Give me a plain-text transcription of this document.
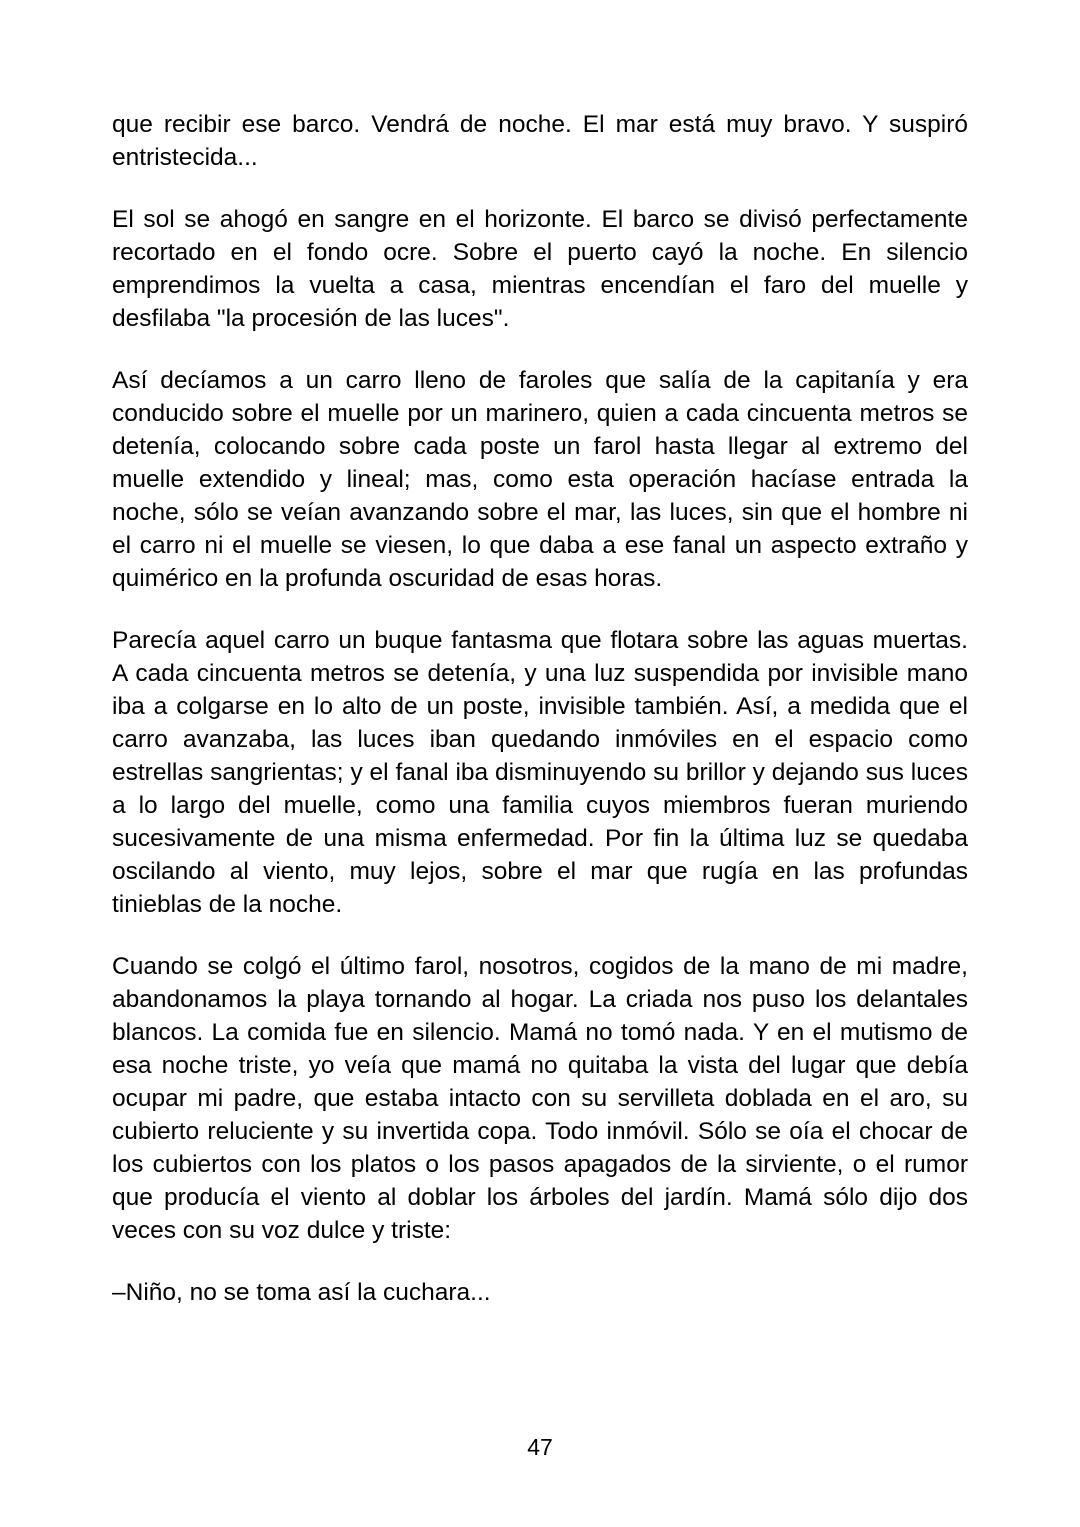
que recibir ese barco. Vendrá de noche. El mar está muy bravo. Y suspiró entristecida...

El sol se ahogó en sangre en el horizonte. El barco se divisó perfectamente recortado en el fondo ocre. Sobre el puerto cayó la noche. En silencio emprendimos la vuelta a casa, mientras encendían el faro del muelle y desfilaba "la procesión de las luces".

Así decíamos a un carro lleno de faroles que salía de la capitanía y era conducido sobre el muelle por un marinero, quien a cada cincuenta metros se detenía, colocando sobre cada poste un farol hasta llegar al extremo del muelle extendido y lineal; mas, como esta operación hacíase entrada la noche, sólo se veían avanzando sobre el mar, las luces, sin que el hombre ni el carro ni el muelle se viesen, lo que daba a ese fanal un aspecto extraño y quimérico en la profunda oscuridad de esas horas.

Parecía aquel carro un buque fantasma que flotara sobre las aguas muertas. A cada cincuenta metros se detenía, y una luz suspendida por invisible mano iba a colgarse en lo alto de un poste, invisible también. Así, a medida que el carro avanzaba, las luces iban quedando inmóviles en el espacio como estrellas sangrientas; y el fanal iba disminuyendo su brillor y dejando sus luces a lo largo del muelle, como una familia cuyos miembros fueran muriendo sucesivamente de una misma enfermedad. Por fin la última luz se quedaba oscilando al viento, muy lejos, sobre el mar que rugía en las profundas tinieblas de la noche.

Cuando se colgó el último farol, nosotros, cogidos de la mano de mi madre, abandonamos la playa tornando al hogar. La criada nos puso los delantales blancos. La comida fue en silencio. Mamá no tomó nada. Y en el mutismo de esa noche triste, yo veía que mamá no quitaba la vista del lugar que debía ocupar mi padre, que estaba intacto con su servilleta doblada en el aro, su cubierto reluciente y su invertida copa. Todo inmóvil. Sólo se oía el chocar de los cubiertos con los platos o los pasos apagados de la sirviente, o el rumor que producía el viento al doblar los árboles del jardín. Mamá sólo dijo dos veces con su voz dulce y triste:

–Niño, no se toma así la cuchara...

47
